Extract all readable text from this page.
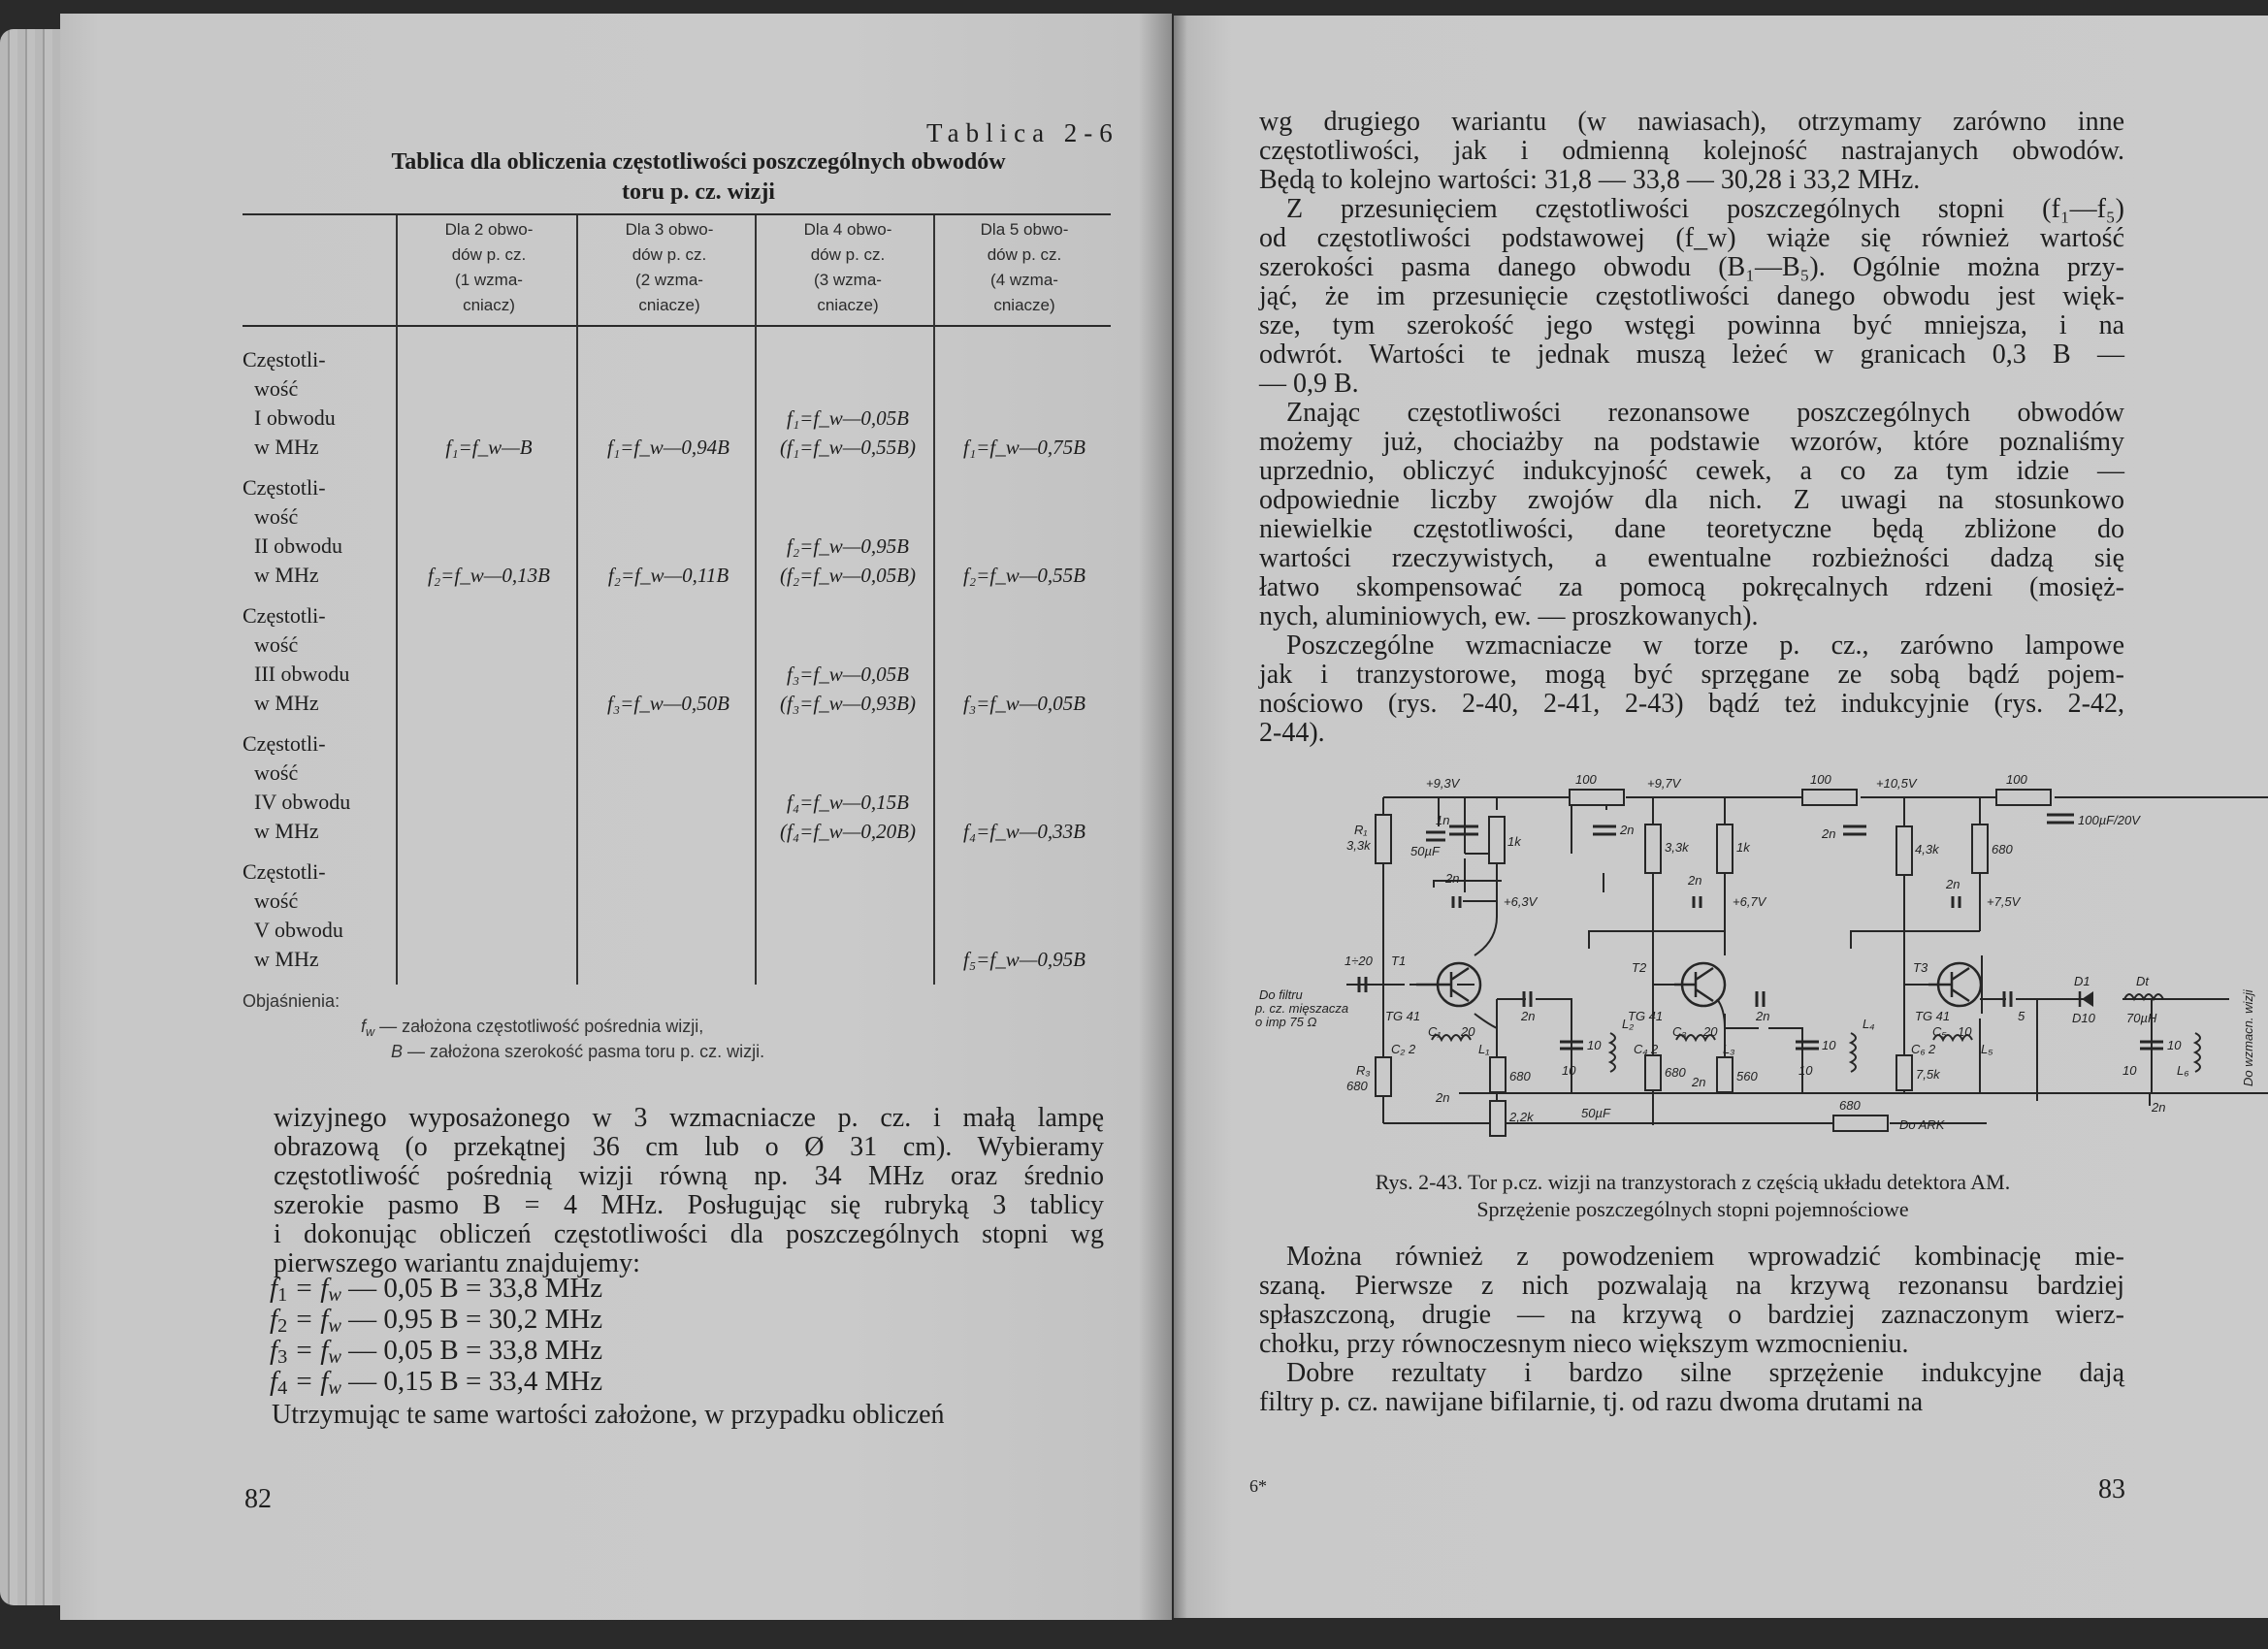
Tablica 2-6
Tablica dla obliczenia częstotliwości poszczególnych obwodów
toru p. cz. wizji
Dla 2 obwo-
dów p. cz.
(1 wzma-
cniacz)
Dla 3 obwo-
dów p. cz.
(2 wzma-
cniacze)
Dla 4 obwo-
dów p. cz.
(3 wzma-
cniacze)
Dla 5 obwo-
dów p. cz.
(4 wzma-
cniacze)
Częstotli-
wość
I obwodu
w MHz	f₁=f_w—B	f₁=f_w—0,94B
f₁=f_w—0,05B
(f₁=f_w—0,55B)	f₁=f_w—0,75B
Częstotli-
wość
II obwodu
w MHz	f₂=f_w—0,13B	f₂=f_w—0,11B
f₂=f_w—0,95B
(f₂=f_w—0,05B)	f₂=f_w—0,55B
Częstotli-
wość
III obwodu
w MHz	f₃=f_w—0,50B
f₃=f_w—0,05B
(f₃=f_w—0,93B)	f₃=f_w—0,05B
Częstotli-
wość
IV obwodu
w MHz
f₄=f_w—0,15B
(f₄=f_w—0,20B)	f₄=f_w—0,33B
Częstotli-
wość
V obwodu
w MHz	f₅=f_w—0,95B
Objaśnienia:
$f_w$ — założona częstotliwość pośrednia wizji,
B — założona szerokość pasma toru p. cz. wizji.
wizyjnego wyposażonego w 3 wzmacniacze p. cz. i małą lampę
obrazową (o przekątnej 36 cm lub o Ø 31 cm). Wybieramy
częstotliwość pośrednią wizji równą np. 34 MHz oraz średnio
szerokie pasmo B = 4 MHz. Posługując się rubryką 3 tablicy
i dokonując obliczeń częstotliwości dla poszczególnych stopni wg
pierwszego wariantu znajdujemy:
$f_1 = f_w$ — 0,05 B = 33,8 MHz
$f_2 = f_w$ — 0,95 B = 30,2 MHz
$f_3 = f_w$ — 0,05 B = 33,8 MHz
$f_4 = f_w$ — 0,15 B = 33,4 MHz
Utrzymując te same wartości założone, w przypadku obliczeń
82
wg drugiego wariantu (w nawiasach), otrzymamy zarówno inne
częstotliwości, jak i odmienną kolejność nastrajanych obwodów.
Będą to kolejno wartości: 31,8 — 33,8 — 30,28 i 33,2 MHz.
Z przesunięciem częstotliwości poszczególnych stopni (f₁—f₅)
od częstotliwości podstawowej (f_w) wiąże się również wartość
szerokości pasma danego obwodu (B₁—B₅). Ogólnie można przy-
jąć, że im przesunięcie częstotliwości danego obwodu jest więk-
sze, tym szerokość jego wstęgi powinna być mniejsza, i na
odwrót. Wartości te jednak muszą leżeć w granicach 0,3 B —
— 0,9 B.
Znając częstotliwości rezonansowe poszczególnych obwodów
możemy już, chociażby na podstawie wzorów, które poznaliśmy
uprzednio, obliczyć indukcyjność cewek, a co za tym idzie —
odpowiednie liczby zwojów dla nich. Z uwagi na stosunkowo
niewielkie częstotliwości, dane teoretyczne będą zbliżone do
wartości rzeczywistych, a ewentualne rozbieżności dadzą się
łatwo skompensować za pomocą pokręcalnych rdzeni (mosięż-
nych, aluminiowych, ew. — proszkowanych).
Poszczególne wzmacniacze w torze p. cz., zarówno lampowe
jak i tranzystorowe, mogą być sprzęgane ze sobą bądź pojem-
nościowo (rys. 2-40, 2-41, 2-43) bądź też indukcyjnie (rys. 2-42,
2-44).
+9,3V	100	+9,7V	100	+10,5V	100
R₁
3,3k
1n
50µF
1k
2n
+6,3V
2n
3,3k
2n
1k
+6,7V
2n
4,3k	680
2n
+7,5V
100µF/20V
T1	T2	T3
TG 41	TG 41	TG 41
1÷20
Do filtru
p. cz. mięszacza
o imp 75 Ω	2n	2n	5
D1
D10
Dt
70µH
C₁ 20
C₂ 2	L₁
C₃ 20
C₄ 2	L₃
C₅ 10
C₆ 2	L₅
10	10	10
L₂
10	10
L₄
10	L₆
2n
R₃
680
2n
680
2,2k	50µF
680
2n 560	7,5k
680
Do ARK
Do wzmacn. wizji
Rys. 2-43. Tor p.cz. wizji na tranzystorach z częścią układu detektora AM.
Sprzężenie poszczególnych stopni pojemnościowe
Można również z powodzeniem wprowadzić kombinację mie-
szaną. Pierwsze z nich pozwalają na krzywą rezonansu bardziej
spłaszczoną, drugie — na krzywą o bardziej zaznaczonym wierz-
chołku, przy równoczesnym nieco większym wzmocnieniu.
Dobre rezultaty i bardzo silne sprzężenie indukcyjne dają
filtry p. cz. nawijane bifilarnie, tj. od razu dwoma drutami na
6*	83
